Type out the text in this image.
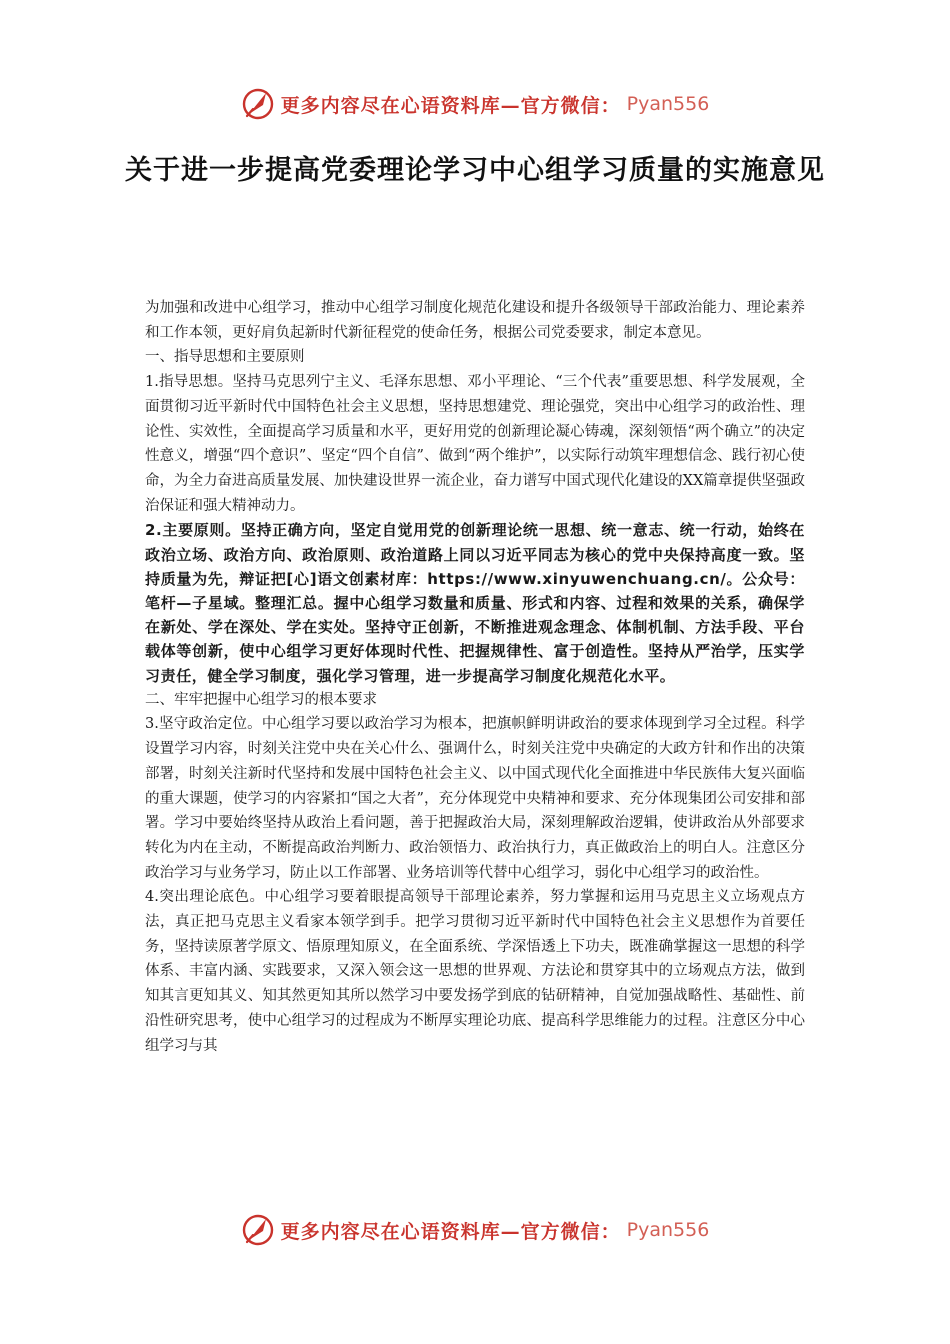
更多内容尽在心语资料库—官方微信： Pyan556
关于进一步提高党委理论学习中心组学习质量的实施意见

为加强和改进中心组学习，推动中心组学习制度化规范化建设和提升各级领导干部政治能力、理论素养和工作本领，更好肩负起新时代新征程党的使命任务，根据公司党委要求，制定本意见。

一、指导思想和主要原则

1.指导思想。坚持马克思列宁主义、毛泽东思想、邓小平理论、“三个代表”重要思想、科学发展观，全面贯彻习近平新时代中国特色社会主义思想，坚持思想建党、理论强党，突出中心组学习的政治性、理论性、实效性，全面提高学习质量和水平，更好用党的创新理论凝心铸魂，深刻领悟“两个确立”的决定性意义，增强“四个意识”、坚定“四个自信”、做到“两个维护”，以实际行动筑牢理想信念、践行初心使命，为全力奋进高质量发展、加快建设世界一流企业，奋力谱写中国式现代化建设的XX篇章提供坚强政治保证和强大精神动力。

2.主要原则。坚持正确方向，坚定自觉用党的创新理论统一思想、统一意志、统一行动，始终在政治立场、政治方向、政治原则、政治道路上同以习近平同志为核心的党中央保持高度一致。坚持质量为先，辩证把[心]语文创素材库：https://www.xinyuwenchuang.cn/。公众号：笔杆—子星域。整理汇总。握中心组学习数量和质量、形式和内容、过程和效果的关系，确保学在新处、学在深处、学在实处。坚持守正创新，不断推进观念理念、体制机制、方法手段、平台载体等创新，使中心组学习更好体现时代性、把握规律性、富于创造性。坚持从严治学，压实学习责任，健全学习制度，强化学习管理，进一步提高学习制度化规范化水平。

二、牢牢把握中心组学习的根本要求

3.坚守政治定位。中心组学习要以政治学习为根本，把旗帜鲜明讲政治的要求体现到学习全过程。科学设置学习内容，时刻关注党中央在关心什么、强调什么，时刻关注党中央确定的大政方针和作出的决策部署，时刻关注新时代坚持和发展中国特色社会主义、以中国式现代化全面推进中华民族伟大复兴面临的重大课题，使学习的内容紧扣“国之大者”，充分体现党中央精神和要求、充分体现集团公司安排和部署。学习中要始终坚持从政治上看问题，善于把握政治大局，深刻理解政治逻辑，使讲政治从外部要求转化为内在主动，不断提高政治判断力、政治领悟力、政治执行力，真正做政治上的明白人。注意区分政治学习与业务学习，防止以工作部署、业务培训等代替中心组学习，弱化中心组学习的政治性。

4.突出理论底色。中心组学习要着眼提高领导干部理论素养，努力掌握和运用马克思主义立场观点方法，真正把马克思主义看家本领学到手。把学习贯彻习近平新时代中国特色社会主义思想作为首要任务，坚持读原著学原文、悟原理知原义，在全面系统、学深悟透上下功夫，既准确掌握这一思想的科学体系、丰富内涵、实践要求，又深入领会这一思想的世界观、方法论和贯穿其中的立场观点方法，做到知其言更知其义、知其然更知其所以然学习中要发扬学到底的钻研精神，自觉加强战略性、基础性、前沿性研究思考，使中心组学习的过程成为不断厚实理论功底、提高科学思维能力的过程。注意区分中心组学习与其

更多内容尽在心语资料库—官方微信： Pyan556
